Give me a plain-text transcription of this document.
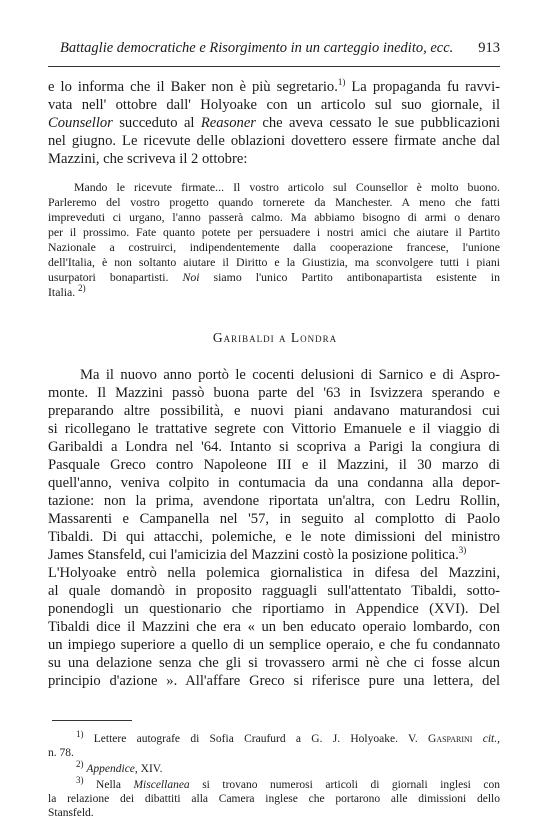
Battaglie democratiche e Risorgimento in un carteggio inedito, ecc. 913
e lo informa che il Baker non è più segretario.$^{1)}$ La propaganda fu ravvi-
vata nell' ottobre dall' Holyoake con un articolo sul suo giornale, il
Counsellor succeduto al Reasoner che aveva cessato le sue pubblicazioni
nel giugno. Le ricevute delle oblazioni dovettero essere firmate anche dal
Mazzini, che scriveva il 2 ottobre:
Mando le ricevute firmate... Il vostro articolo sul Counsellor è molto buono.
Parleremo del vostro progetto quando tornerete da Manchester. A meno che fatti
impreveduti ci urgano, l'anno passerà calmo. Ma abbiamo bisogno di armi o denaro
per il prossimo. Fate quanto potete per persuadere i nostri amici che aiutare il Partito
Nazionale a costruirci, indipendentemente dalla cooperazione francese, l'unione
dell'Italia, è non soltanto aiutare il Diritto e la Giustizia, ma sconvolgere tutti i piani
usurpatori bonapartisti. Noi siamo l'unico Partito antibonapartista esistente in
Italia. $^{2)}$
Garibaldi a Londra
Ma il nuovo anno portò le cocenti delusioni di Sarnico e di Aspro-
monte. Il Mazzini passò buona parte del '63 in Isvizzera sperando e
preparando altre possibilità, e nuovi piani andavano maturandosi cui
si ricollegano le trattative segrete con Vittorio Emanuele e il viaggio di
Garibaldi a Londra nel '64. Intanto si scopriva a Parigi la congiura di
Pasquale Greco contro Napoleone III e il Mazzini, il 30 marzo di
quell'anno, veniva colpito in contumacia da una condanna alla depor-
tazione: non la prima, avendone riportata un'altra, con Ledru Rollin,
Massarenti e Campanella nel '57, in seguito al complotto di Paolo
Tibaldi. Di qui attacchi, polemiche, e le note dimissioni del ministro
James Stansfeld, cui l'amicizia del Mazzini costò la posizione politica.$^{3)}$
L'Holyoake entrò nella polemica giornalistica in difesa del Mazzini,
al quale domandò in proposito ragguagli sull'attentato Tibaldi, sotto-
ponendogli un questionario che riportiamo in Appendice (XVI). Del
Tibaldi dice il Mazzini che era « un ben educato operaio lombardo, con
un impiego superiore a quello di un semplice operaio, e che fu condannato
su una delazione senza che gli si trovassero armi nè che ci fosse alcun
principio d'azione ». All'affare Greco si riferisce pure una lettera, del
$^{1)}$ Lettere autografe di Sofia Craufurd a G. J. Holyoake. V. Gasparini cit.,
n. 78.
$^{2)}$ Appendice, XIV.
$^{3)}$ Nella Miscellanea si trovano numerosi articoli di giornali inglesi con
la relazione dei dibattiti alla Camera inglese che portarono alle dimissioni dello
Stansfeld.
